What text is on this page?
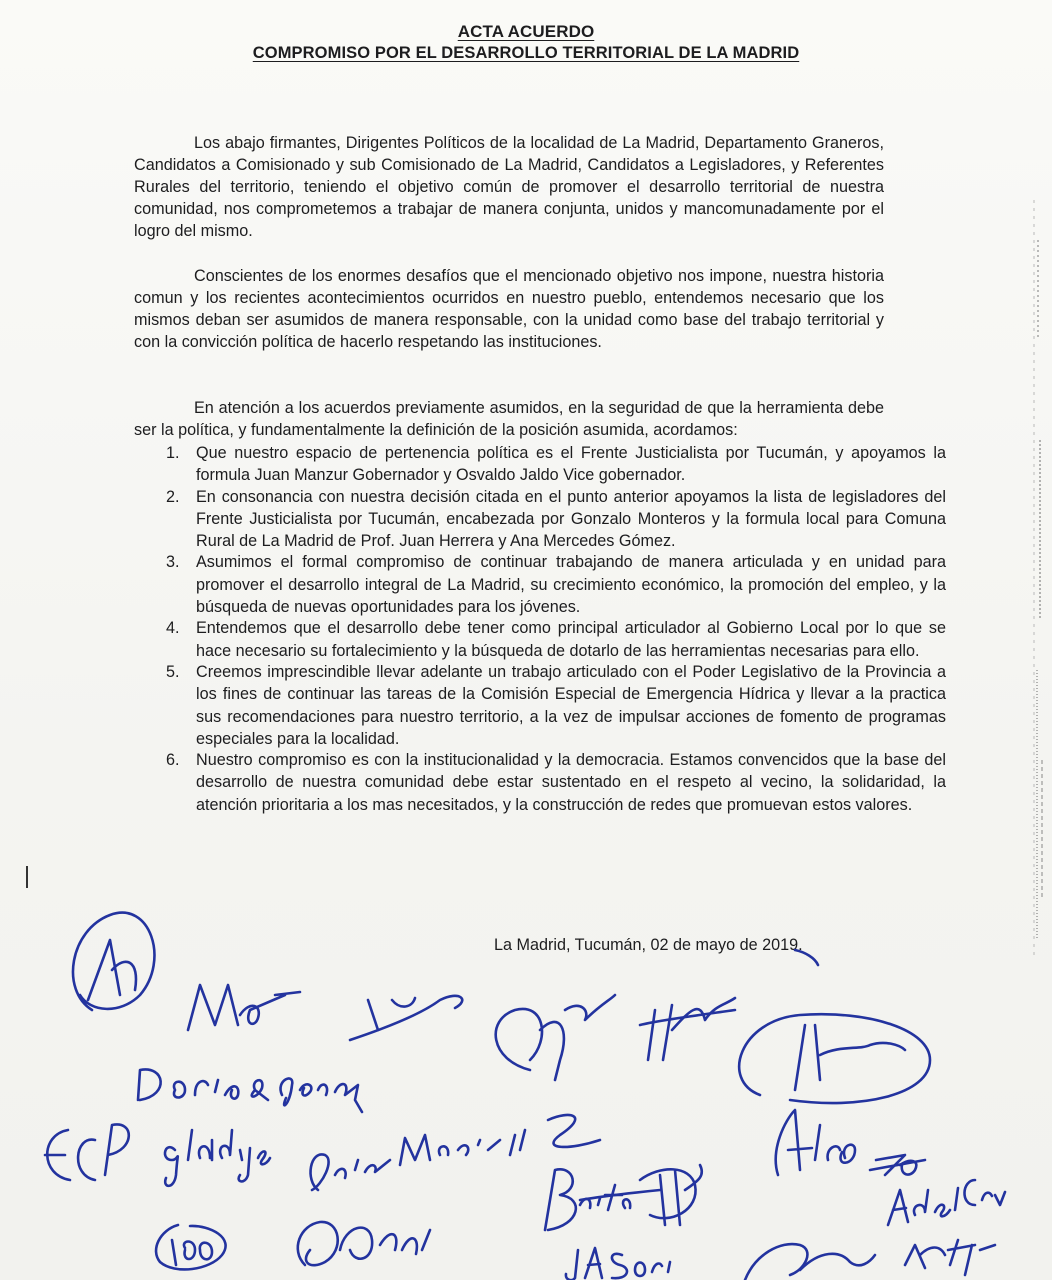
ACTA ACUERDO
COMPROMISO POR EL DESARROLLO TERRITORIAL DE LA MADRID

Los abajo firmantes, Dirigentes Políticos de la localidad de La Madrid, Departamento Graneros, Candidatos a Comisionado y sub Comisionado de La Madrid, Candidatos a Legisladores, y Referentes Rurales del territorio, teniendo el objetivo común de promover el desarrollo territorial de nuestra comunidad, nos comprometemos a trabajar de manera conjunta, unidos y mancomunadamente por el logro del mismo.

Conscientes de los enormes desafíos que el mencionado objetivo nos impone, nuestra historia comun y los recientes acontecimientos ocurridos en nuestro pueblo, entendemos necesario que los mismos deban ser asumidos de manera responsable, con la unidad como base del trabajo territorial y con la convicción política de hacerlo respetando las instituciones.

En atención a los acuerdos previamente asumidos, en la seguridad de que la herramienta debe ser la política, y fundamentalmente la definición de la posición asumida, acordamos:

1. Que nuestro espacio de pertenencia política es el Frente Justicialista por Tucumán, y apoyamos la formula Juan Manzur Gobernador y Osvaldo Jaldo Vice gobernador.
2. En consonancia con nuestra decisión citada en el punto anterior apoyamos la lista de legisladores del Frente Justicialista por Tucumán, encabezada por Gonzalo Monteros y la formula local para Comuna Rural de La Madrid de Prof. Juan Herrera y Ana Mercedes Gómez.
3. Asumimos el formal compromiso de continuar trabajando de manera articulada y en unidad para promover el desarrollo integral de La Madrid, su crecimiento económico, la promoción del empleo, y la búsqueda de nuevas oportunidades para los jóvenes.
4. Entendemos que el desarrollo debe tener como principal articulador al Gobierno Local por lo que se hace necesario su fortalecimiento y la búsqueda de dotarlo de las herramientas necesarias para ello.
5. Creemos imprescindible llevar adelante un trabajo articulado con el Poder Legislativo de la Provincia a los fines de continuar las tareas de la Comisión Especial de Emergencia Hídrica y llevar a la practica sus recomendaciones para nuestro territorio, a la vez de impulsar acciones de fomento de programas especiales para la localidad.
6. Nuestro compromiso es con la institucionalidad y la democracia. Estamos convencidos que la base del desarrollo de nuestra comunidad debe estar sustentado en el respeto al vecino, la solidaridad, la atención prioritaria a los mas necesitados, y la construcción de redes que promuevan estos valores.
La Madrid, Tucumán, 02 de mayo de 2019.
